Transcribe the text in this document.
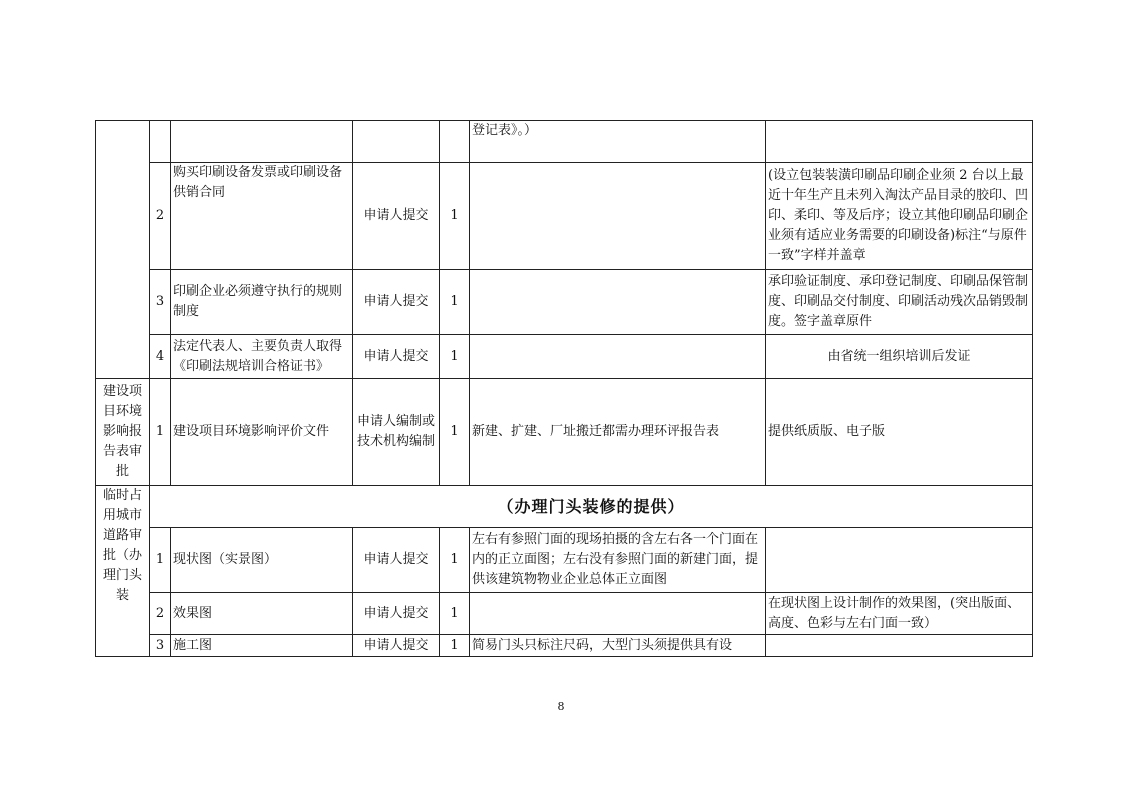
					登记表》。）	
	2	购买印刷设备发票或印刷设备供销合同	申请人提交	1		(设立包装装潢印刷品印刷企业须 2 台以上最近十年生产且未列入淘汰产品目录的胶印、凹印、柔印、等及后序；设立其他印刷品印刷企业须有适应业务需要的印刷设备)标注“与原件一致”字样并盖章
	3	印刷企业必须遵守执行的规则制度	申请人提交	1		承印验证制度、承印登记制度、印刷品保管制度、印刷品交付制度、印刷活动残次品销毁制度。签字盖章原件
	4	法定代表人、主要负责人取得《印刷法规培训合格证书》	申请人提交	1		由省统一组织培训后发证
建设项目环境影响报告表审批	1	建设项目环境影响评价文件	申请人编制或技术机构编制	1	新建、扩建、厂址搬迁都需办理环评报告表	提供纸质版、电子版
临时占用城市道路审批（办理门头装	（办理门头装修的提供）					
	1	现状图（实景图）	申请人提交	1	左右有参照门面的现场拍摄的含左右各一个门面在内的正立面图；左右没有参照门面的新建门面，提供该建筑物物业企业总体正立面图	
	2	效果图	申请人提交	1		在现状图上设计制作的效果图，(突出版面、高度、色彩与左右门面一致）
	3	施工图	申请人提交	1	简易门头只标注尺码，大型门头须提供具有设	
8
